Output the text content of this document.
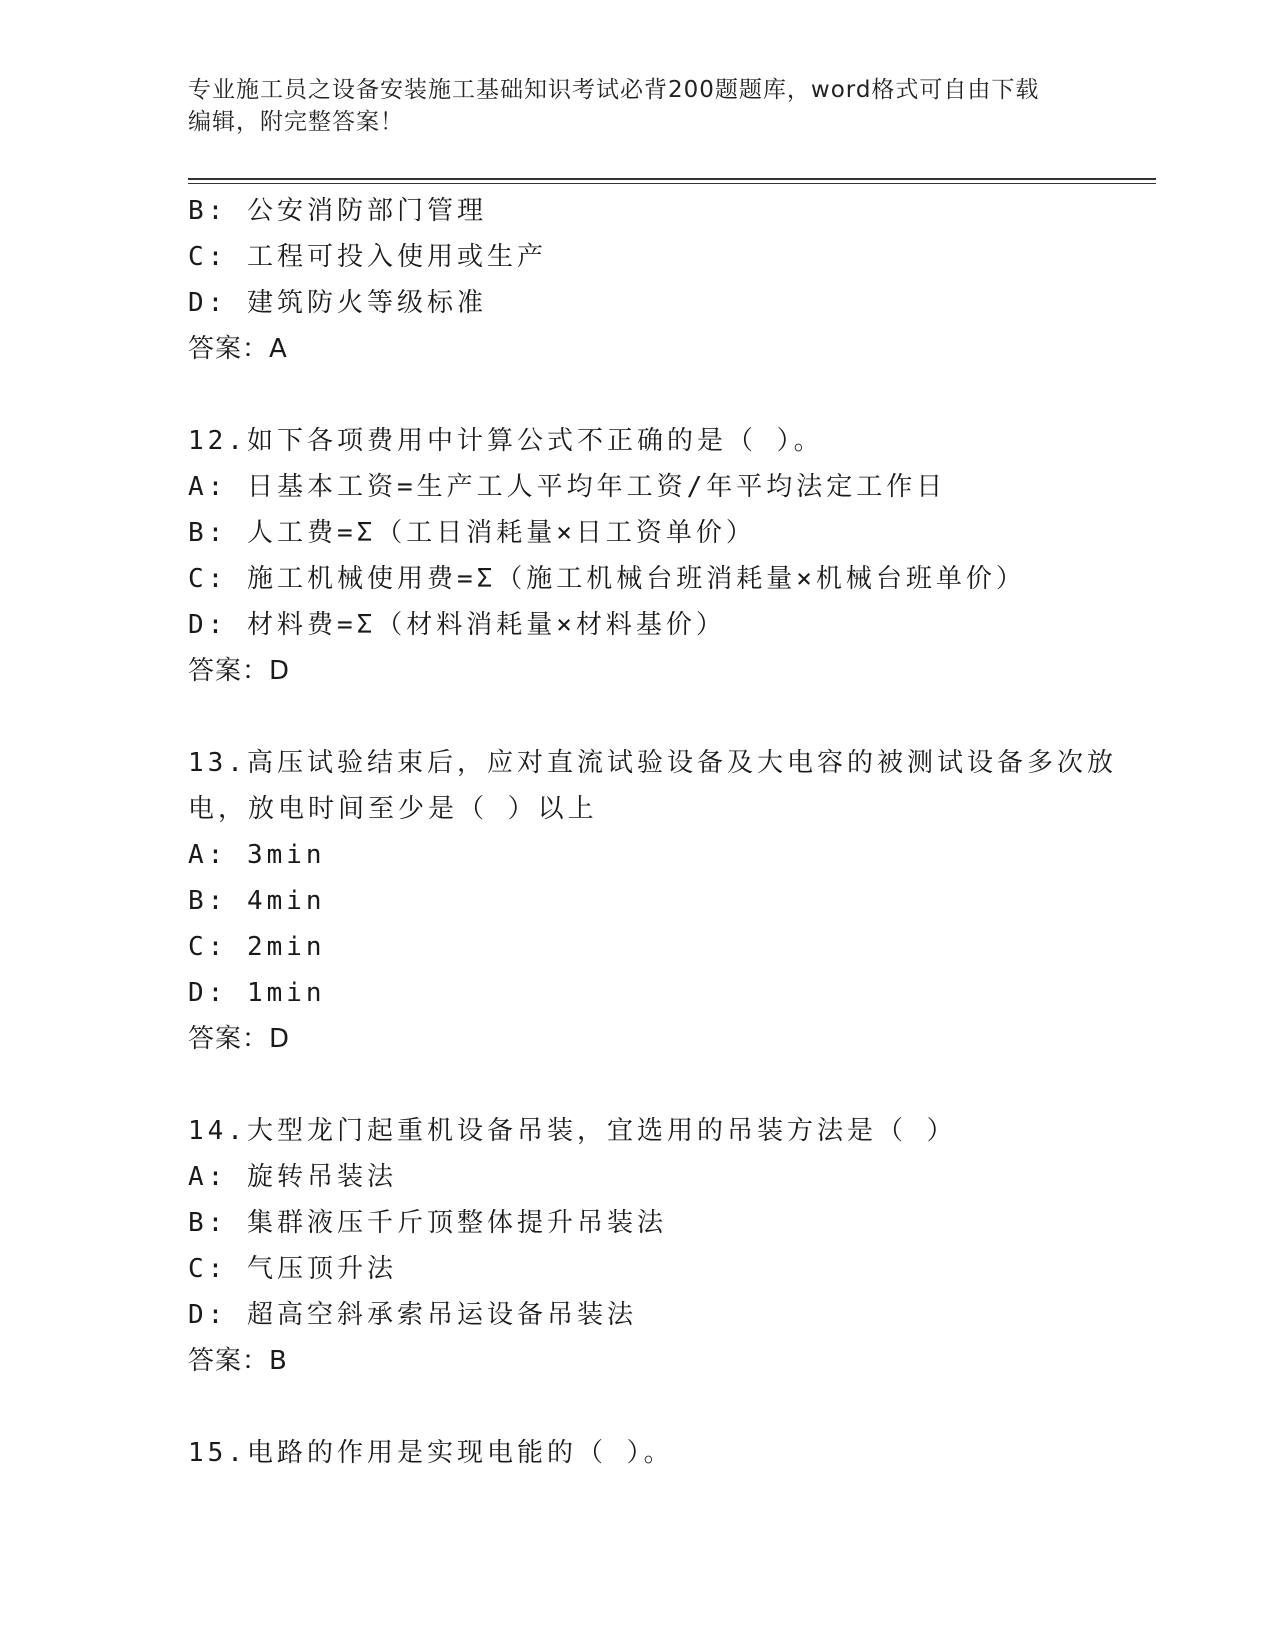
专业施工员之设备安装施工基础知识考试必背200题题库，word格式可自由下载
编辑，附完整答案！
B: 公安消防部门管理
C: 工程可投入使用或生产
D: 建筑防火等级标准
答案：A
12.如下各项费用中计算公式不正确的是（ ）。
A: 日基本工资=生产工人平均年工资/年平均法定工作日
B: 人工费=Σ（工日消耗量×日工资单价）
C: 施工机械使用费=Σ（施工机械台班消耗量×机械台班单价）
D: 材料费=Σ（材料消耗量×材料基价）
答案：D
13.高压试验结束后，应对直流试验设备及大电容的被测试设备多次放
电，放电时间至少是（ ）以上
A: 3min
B: 4min
C: 2min
D: 1min
答案：D
14.大型龙门起重机设备吊装，宜选用的吊装方法是（ ）
A: 旋转吊装法
B: 集群液压千斤顶整体提升吊装法
C: 气压顶升法
D: 超高空斜承索吊运设备吊装法
答案：B
15.电路的作用是实现电能的（ ）。
